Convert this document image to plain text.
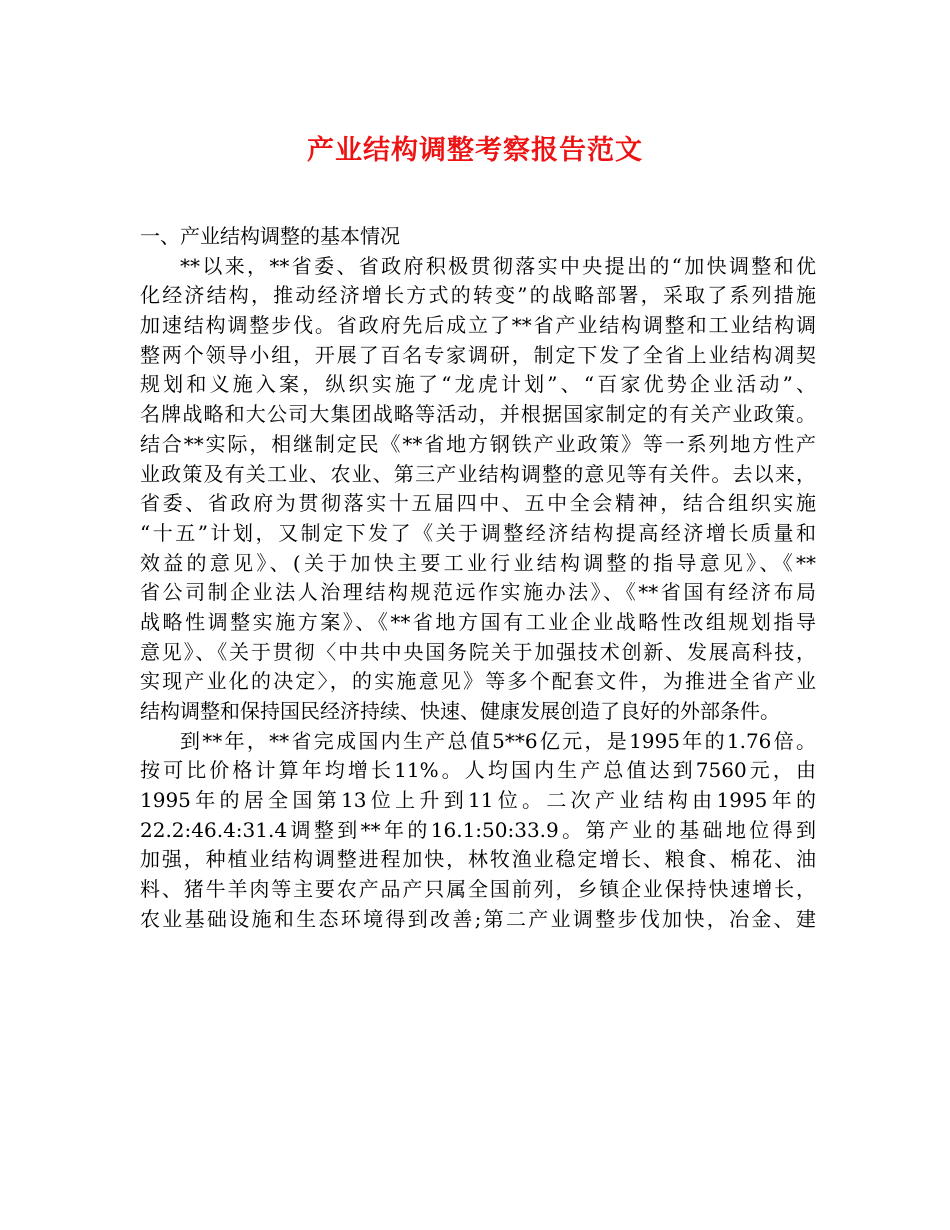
产业结构调整考察报告范文
一、产业结构调整的基本情况
**以来，**省委、省政府积极贯彻落实中央提出的“加快调整和优
化经济结构，推动经济增长方式的转变”的战略部署，采取了系列措施
加速结构调整步伐。省政府先后成立了**省产业结构调整和工业结构调
整两个领导小组，开展了百名专家调研，制定下发了全省上业结构凋契
规划和义施入案，纵织实施了“龙虎计划”、“百家优势企业活动”、
名牌战略和大公司大集团战略等活动，并根据国家制定的有关产业政策。
结合**实际，相继制定民《**省地方钢铁产业政策》等一系列地方性产
业政策及有关工业、农业、第三产业结构调整的意见等有关件。去以来，
省委、省政府为贯彻落实十五届四中、五中全会精神，结合组织实施
“十五”计划，又制定下发了《关于调整经济结构提高经济增长质量和
效益的意见》、(关于加快主要工业行业结构调整的指导意见》、《**
省公司制企业法人治理结构规范远作实施办法》、《**省国有经济布局
战略性调整实施方案》、《**省地方国有工业企业战略性改组规划指导
意见》、《关于贯彻〈中共中央国务院关于加强技术创新、发展高科技，
实现产业化的决定〉，的实施意见》等多个配套文件，为推进全省产业
结构调整和保持国民经济持续、快速、健康发展创造了良好的外部条件。
到**年，**省完成国内生产总值5**6亿元，是1995年的1.76倍。
按可比价格计算年均增长11%。人均国内生产总值达到7560元，由
1995年的居全国第13位上升到11位。二次产业结构由1995年的
22.2:46.4:31.4调整到**年的16.1:50:33.9。第产业的基础地位得到
加强，种植业结构调整进程加快，林牧渔业稳定增长、粮食、棉花、油
料、猪牛羊肉等主要农产品产只属全国前列，乡镇企业保持快速增长，
农业基础设施和生态环境得到改善;第二产业调整步伐加快，冶金、建
